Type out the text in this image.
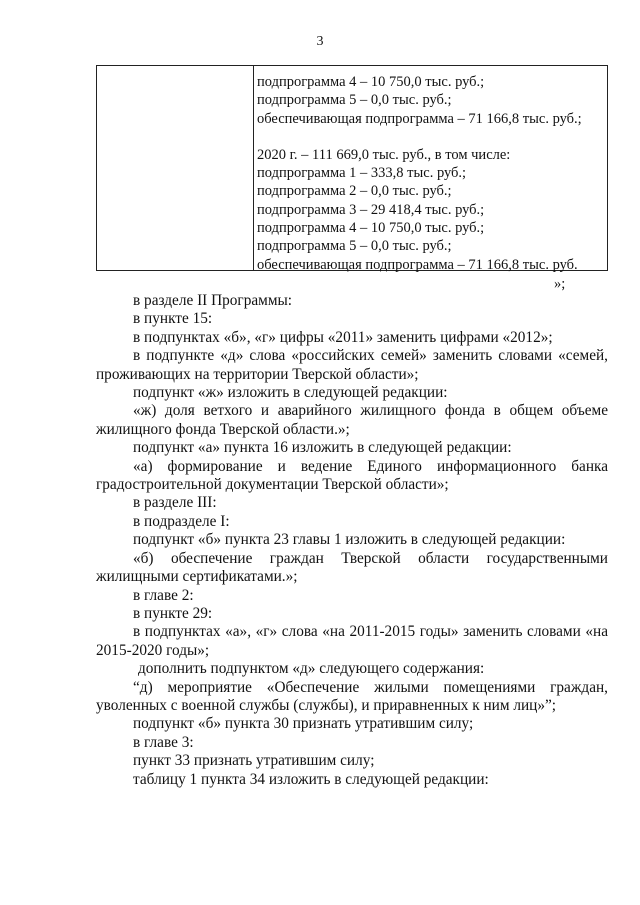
3
подпрограмма 4 – 10 750,0 тыс. руб.;
подпрограмма 5 – 0,0 тыс. руб.;
обеспечивающая подпрограмма – 71 166,8 тыс. руб.;
2020 г. – 111 669,0 тыс. руб., в том числе:
подпрограмма 1 – 333,8 тыс. руб.;
подпрограмма 2 – 0,0 тыс. руб.;
подпрограмма 3 – 29 418,4 тыс. руб.;
подпрограмма 4 – 10 750,0 тыс. руб.;
подпрограмма 5 – 0,0 тыс. руб.;
обеспечивающая подпрограмма – 71 166,8 тыс. руб.
»;

в разделе II Программы:

в пункте 15:

в подпунктах «б», «г» цифры «2011» заменить цифрами «2012»;

в подпункте «д» слова «российских семей» заменить словами «семей, проживающих на территории Тверской области»;

подпункт «ж» изложить в следующей редакции:

«ж) доля ветхого и аварийного жилищного фонда в общем объеме жилищного фонда Тверской области.»;

подпункт «а» пункта 16 изложить в следующей редакции:

«а) формирование и ведение Единого информационного банка градостроительной документации Тверской области»;

в разделе III:

в подразделе I:

подпункт «б» пункта 23 главы 1 изложить в следующей редакции:

«б) обеспечение граждан Тверской области государственными жилищными сертификатами.»;

в главе 2:

в пункте 29:

в подпунктах «а», «г» слова «на 2011-2015 годы» заменить словами «на 2015-2020 годы»;

дополнить подпунктом «д» следующего содержания:

“д) мероприятие «Обеспечение жилыми помещениями граждан, уволенных с военной службы (службы), и приравненных к ним лиц»”;

подпункт «б» пункта 30 признать утратившим силу;

в главе 3:

пункт 33 признать утратившим силу;

таблицу 1 пункта 34 изложить в следующей редакции:
